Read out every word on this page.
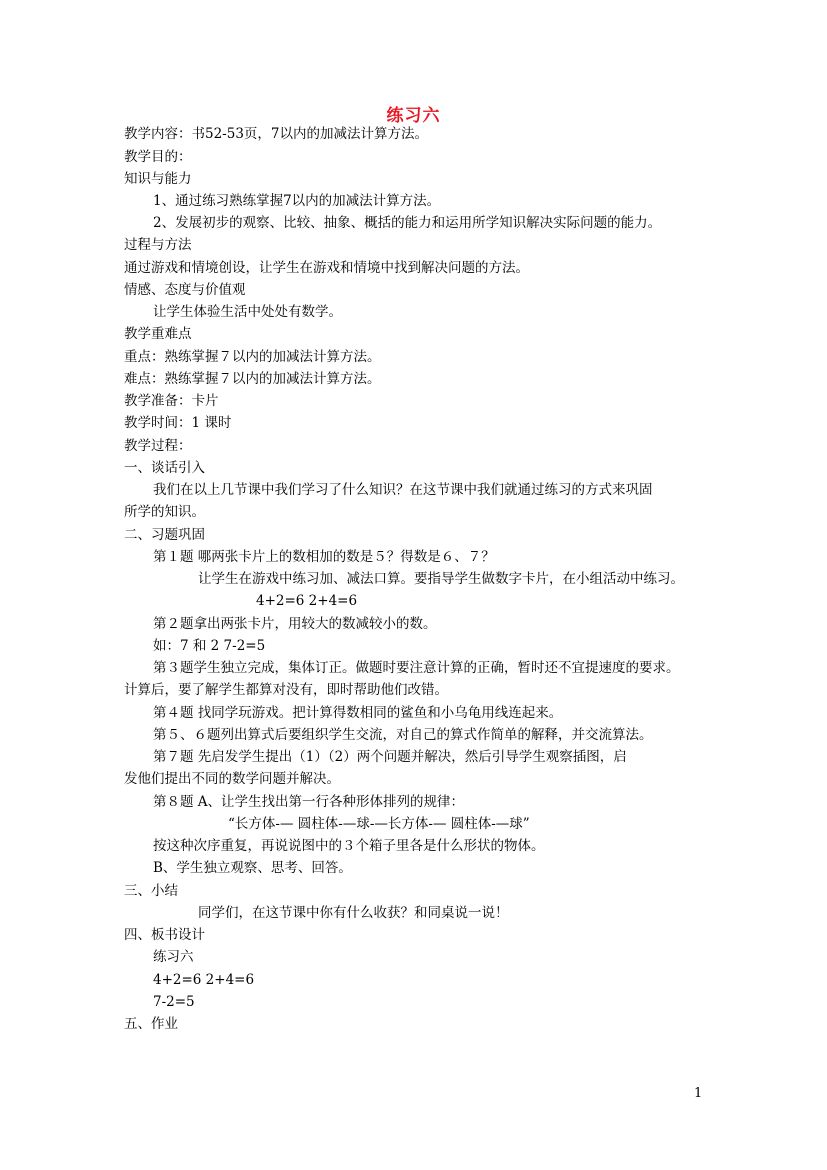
练习六
教学内容：书52-53页，7以内的加减法计算方法。
教学目的：
知识与能力
1、通过练习熟练掌握7以内的加减法计算方法。
2、发展初步的观察、比较、抽象、概括的能力和运用所学知识解决实际问题的能力。
过程与方法
通过游戏和情境创设，让学生在游戏和情境中找到解决问题的方法。
情感、态度与价值观
让学生体验生活中处处有数学。
教学重难点
重点：熟练掌握７以内的加减法计算方法。
难点：熟练掌握７以内的加减法计算方法。
教学准备：卡片
教学时间：1 课时
教学过程：
一、谈话引入
我们在以上几节课中我们学习了什么知识？在这节课中我们就通过练习的方式来巩固
所学的知识。
二、习题巩固
第１题 哪两张卡片上的数相加的数是５？得数是６、７？
让学生在游戏中练习加、减法口算。要指导学生做数字卡片，在小组活动中练习。
4+2=6 2+4=6
第２题拿出两张卡片，用较大的数减较小的数。
如：7 和 2 7-2=5
第３题学生独立完成，集体订正。做题时要注意计算的正确，暂时还不宜提速度的要求。
计算后，要了解学生都算对没有，即时帮助他们改错。
第４题 找同学玩游戏。把计算得数相同的鲨鱼和小乌龟用线连起来。
第５、６题列出算式后要组织学生交流，对自己的算式作简单的解释，并交流算法。
第７题 先启发学生提出（1）（2）两个问题并解决，然后引导学生观察插图，启
发他们提出不同的数学问题并解决。
第８题 A、让学生找出第一行各种形体排列的规律：
“长方体-— 圆柱体-—球-—长方体-— 圆柱体-—球”
按这种次序重复，再说说图中的３个箱子里各是什么形状的物体。
B、学生独立观察、思考、回答。
三、小结
同学们，在这节课中你有什么收获？和同桌说一说！
四、板书设计
练习六
4+2=6 2+4=6
7-2=5
五、作业
1
